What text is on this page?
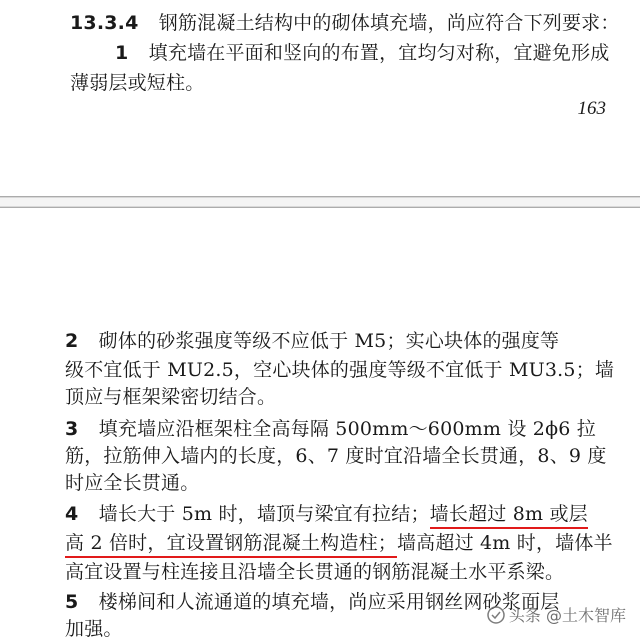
13.3.4 钢筋混凝土结构中的砌体填充墙，尚应符合下列要求：
1 填充墙在平面和竖向的布置，宜均匀对称，宜避免形成
薄弱层或短柱。
163
2 砌体的砂浆强度等级不应低于 M5；实心块体的强度等
级不宜低于 MU2.5，空心块体的强度等级不宜低于 MU3.5；墙
顶应与框架梁密切结合。
3 填充墙应沿框架柱全高每隔 500mm～600mm 设 2ϕ6 拉
筋，拉筋伸入墙内的长度，6、7 度时宜沿墙全长贯通，8、9 度
时应全长贯通。
4 墙长大于 5m 时，墙顶与梁宜有拉结；墙长超过 8m 或层
高 2 倍时，宜设置钢筋混凝土构造柱；墙高超过 4m 时，墙体半
高宜设置与柱连接且沿墙全长贯通的钢筋混凝土水平系梁。
5 楼梯间和人流通道的填充墙，尚应采用钢丝网砂浆面层
加强。
头条 @土木智库
